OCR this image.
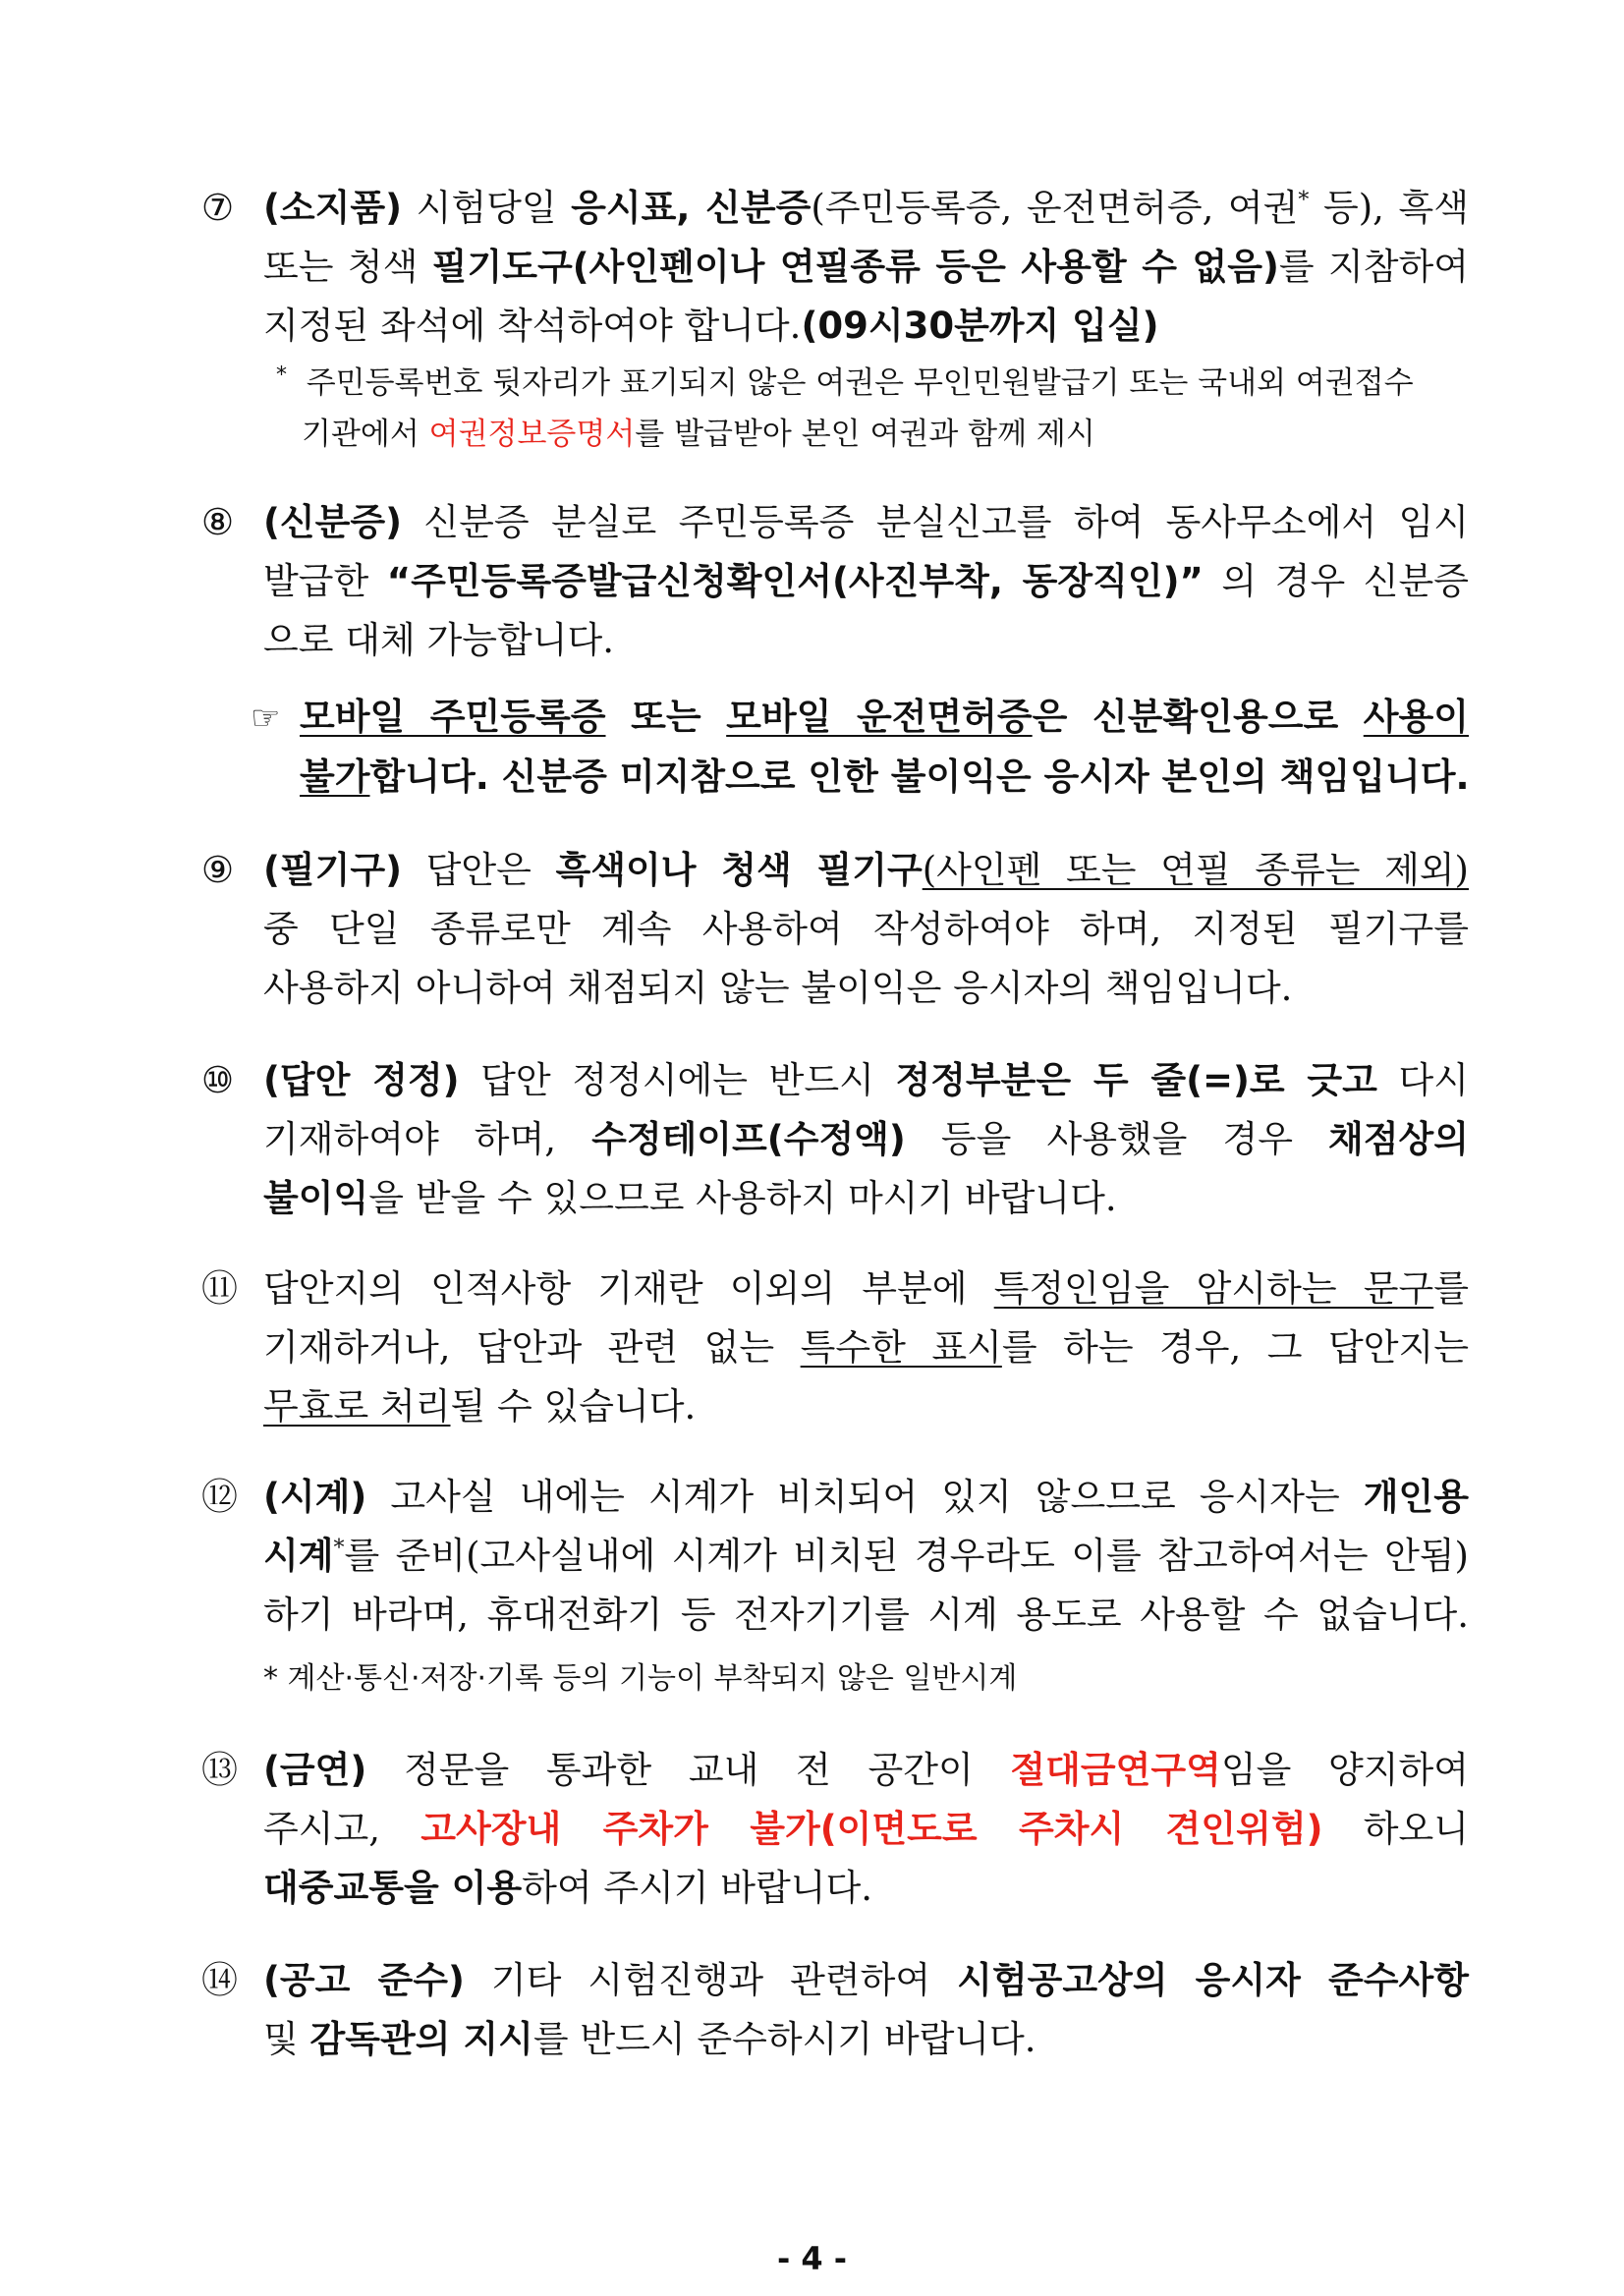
⑦ (소지품) 시험당일 응시표, 신분증(주민등록증, 운전면허증, 여권* 등), 흑색
또는 청색 필기도구(사인펜이나 연필종류 등은 사용할 수 없음)를 지참하여
지정된 좌석에 착석하여야 합니다.(09시30분까지 입실)
* 주민등록번호 뒷자리가 표기되지 않은 여권은 무인민원발급기 또는 국내외 여권접수
기관에서 여권정보증명서를 발급받아 본인 여권과 함께 제시
⑧ (신분증) 신분증 분실로 주민등록증 분실신고를 하여 동사무소에서 임시
발급한 “주민등록증발급신청확인서(사진부착, 동장직인)” 의 경우 신분증
으로 대체 가능합니다.
☞ 모바일 주민등록증 또는 모바일 운전면허증은 신분확인용으로 사용이
불가합니다. 신분증 미지참으로 인한 불이익은 응시자 본인의 책임입니다.
⑨ (필기구) 답안은 흑색이나 청색 필기구(사인펜 또는 연필 종류는 제외)
중 단일 종류로만 계속 사용하여 작성하여야 하며, 지정된 필기구를
사용하지 아니하여 채점되지 않는 불이익은 응시자의 책임입니다.
⑩ (답안 정정) 답안 정정시에는 반드시 정정부분은 두 줄(=)로 긋고 다시
기재하여야 하며, 수정테이프(수정액) 등을 사용했을 경우 채점상의
불이익을 받을 수 있으므로 사용하지 마시기 바랍니다.
⑪ 답안지의 인적사항 기재란 이외의 부분에 특정인임을 암시하는 문구를
기재하거나, 답안과 관련 없는 특수한 표시를 하는 경우, 그 답안지는
무효로 처리될 수 있습니다.
⑫ (시계) 고사실 내에는 시계가 비치되어 있지 않으므로 응시자는 개인용
시계*를 준비(고사실내에 시계가 비치된 경우라도 이를 참고하여서는 안됨)
하기 바라며, 휴대전화기 등 전자기기를 시계 용도로 사용할 수 없습니다.
* 계산·통신·저장·기록 등의 기능이 부착되지 않은 일반시계
⑬ (금연) 정문을 통과한 교내 전 공간이 절대금연구역임을 양지하여
주시고, 고사장내 주차가 불가(이면도로 주차시 견인위험) 하오니
대중교통을 이용하여 주시기 바랍니다.
⑭ (공고 준수) 기타 시험진행과 관련하여 시험공고상의 응시자 준수사항
및 감독관의 지시를 반드시 준수하시기 바랍니다.
- 4 -
